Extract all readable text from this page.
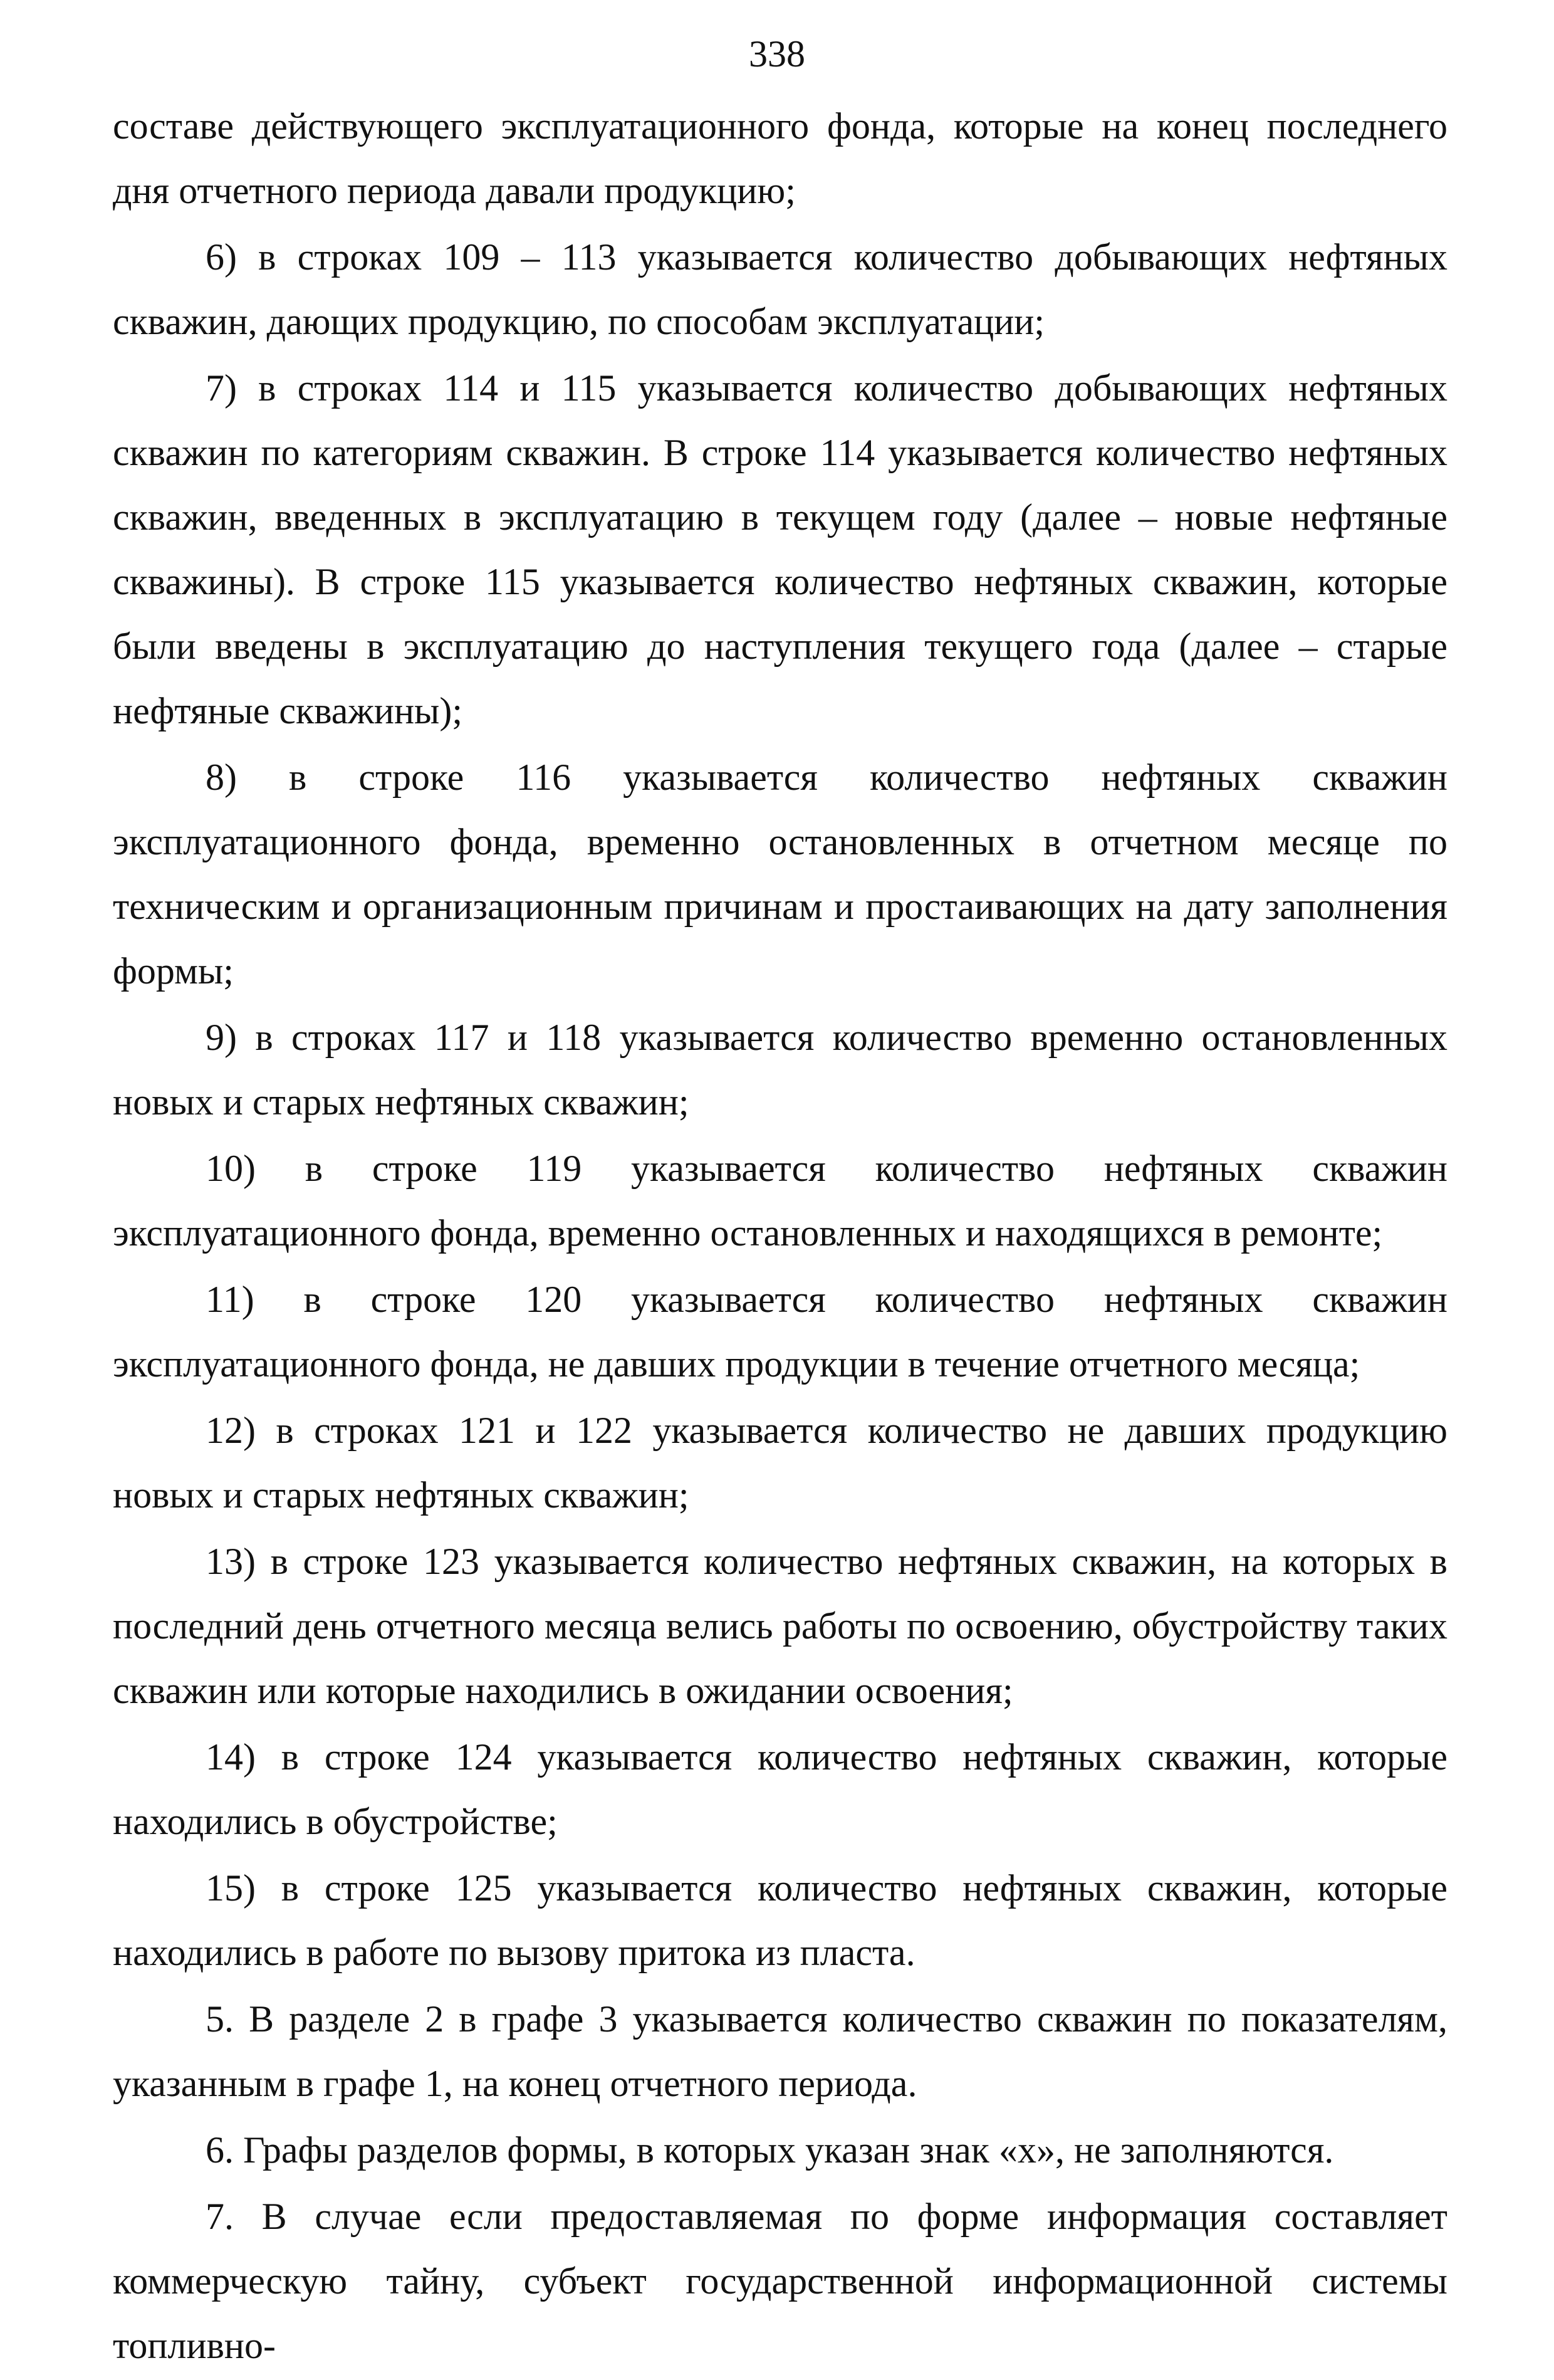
338

составе действующего эксплуатационного фонда, которые на конец последнего дня отчетного периода давали продукцию;

6) в строках 109 – 113 указывается количество добывающих нефтяных скважин, дающих продукцию, по способам эксплуатации;

7) в строках 114 и 115 указывается количество добывающих нефтяных скважин по категориям скважин. В строке 114 указывается количество нефтяных скважин, введенных в эксплуатацию в текущем году (далее – новые нефтяные скважины). В строке 115 указывается количество нефтяных скважин, которые были введены в эксплуатацию до наступления текущего года (далее – старые нефтяные скважины);

8) в строке 116 указывается количество нефтяных скважин эксплуатационного фонда, временно остановленных в отчетном месяце по техническим и организационным причинам и простаивающих на дату заполнения формы;

9) в строках 117 и 118 указывается количество временно остановленных новых и старых нефтяных скважин;

10) в строке 119 указывается количество нефтяных скважин эксплуатационного фонда, временно остановленных и находящихся в ремонте;

11) в строке 120 указывается количество нефтяных скважин эксплуатационного фонда, не давших продукции в течение отчетного месяца;

12) в строках 121 и 122 указывается количество не давших продукцию новых и старых нефтяных скважин;

13) в строке 123 указывается количество нефтяных скважин, на которых в последний день отчетного месяца велись работы по освоению, обустройству таких скважин или которые находились в ожидании освоения;

14) в строке 124 указывается количество нефтяных скважин, которые находились в обустройстве;

15) в строке 125 указывается количество нефтяных скважин, которые находились в работе по вызову притока из пласта.

5. В разделе 2 в графе 3 указывается количество скважин по показателям, указанным в графе 1, на конец отчетного периода.

6. Графы разделов формы, в которых указан знак «х», не заполняются.

7. В случае если предоставляемая по форме информация составляет коммерческую тайну, субъект государственной информационной системы топливно-
